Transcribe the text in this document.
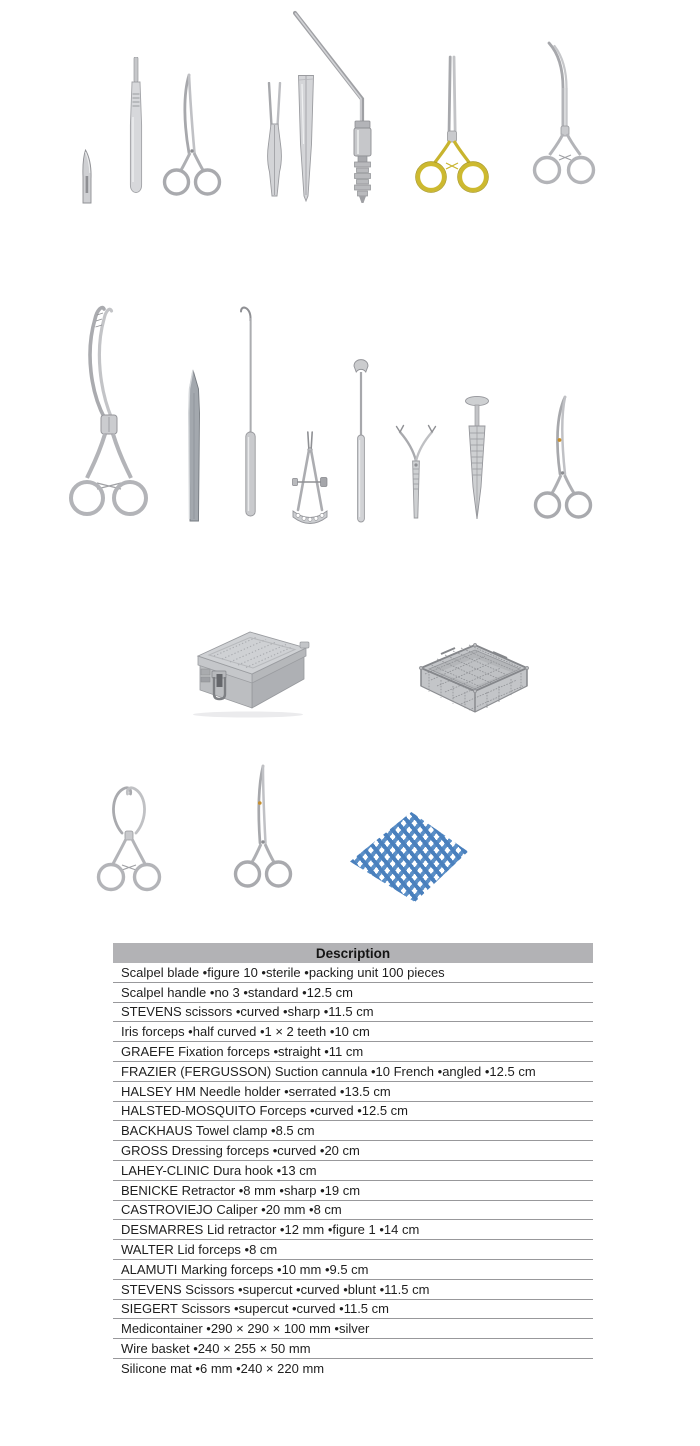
Description
Scalpel blade •figure 10 •sterile •packing unit 100 pieces
Scalpel handle •no 3 •standard •12.5 cm
STEVENS scissors •curved •sharp •11.5 cm
Iris forceps •half curved •1 × 2 teeth •10 cm
GRAEFE Fixation forceps •straight •11 cm
FRAZIER (FERGUSSON) Suction cannula •10 French •angled •12.5 cm
HALSEY HM Needle holder •serrated •13.5 cm
HALSTED-MOSQUITO Forceps •curved •12.5 cm
BACKHAUS Towel clamp •8.5 cm
GROSS Dressing forceps •curved •20 cm
LAHEY-CLINIC Dura hook •13 cm
BENICKE Retractor •8 mm •sharp •19 cm
CASTROVIEJO Caliper •20 mm •8 cm
DESMARRES Lid retractor •12 mm •figure 1 •14 cm
WALTER Lid forceps •8 cm
ALAMUTI Marking forceps •10 mm •9.5 cm
STEVENS Scissors •supercut •curved •blunt •11.5 cm
SIEGERT Scissors •supercut •curved •11.5 cm
Medicontainer •290 × 290 × 100 mm •silver
Wire basket •240 × 255 × 50 mm
Silicone mat •6 mm •240 × 220 mm
